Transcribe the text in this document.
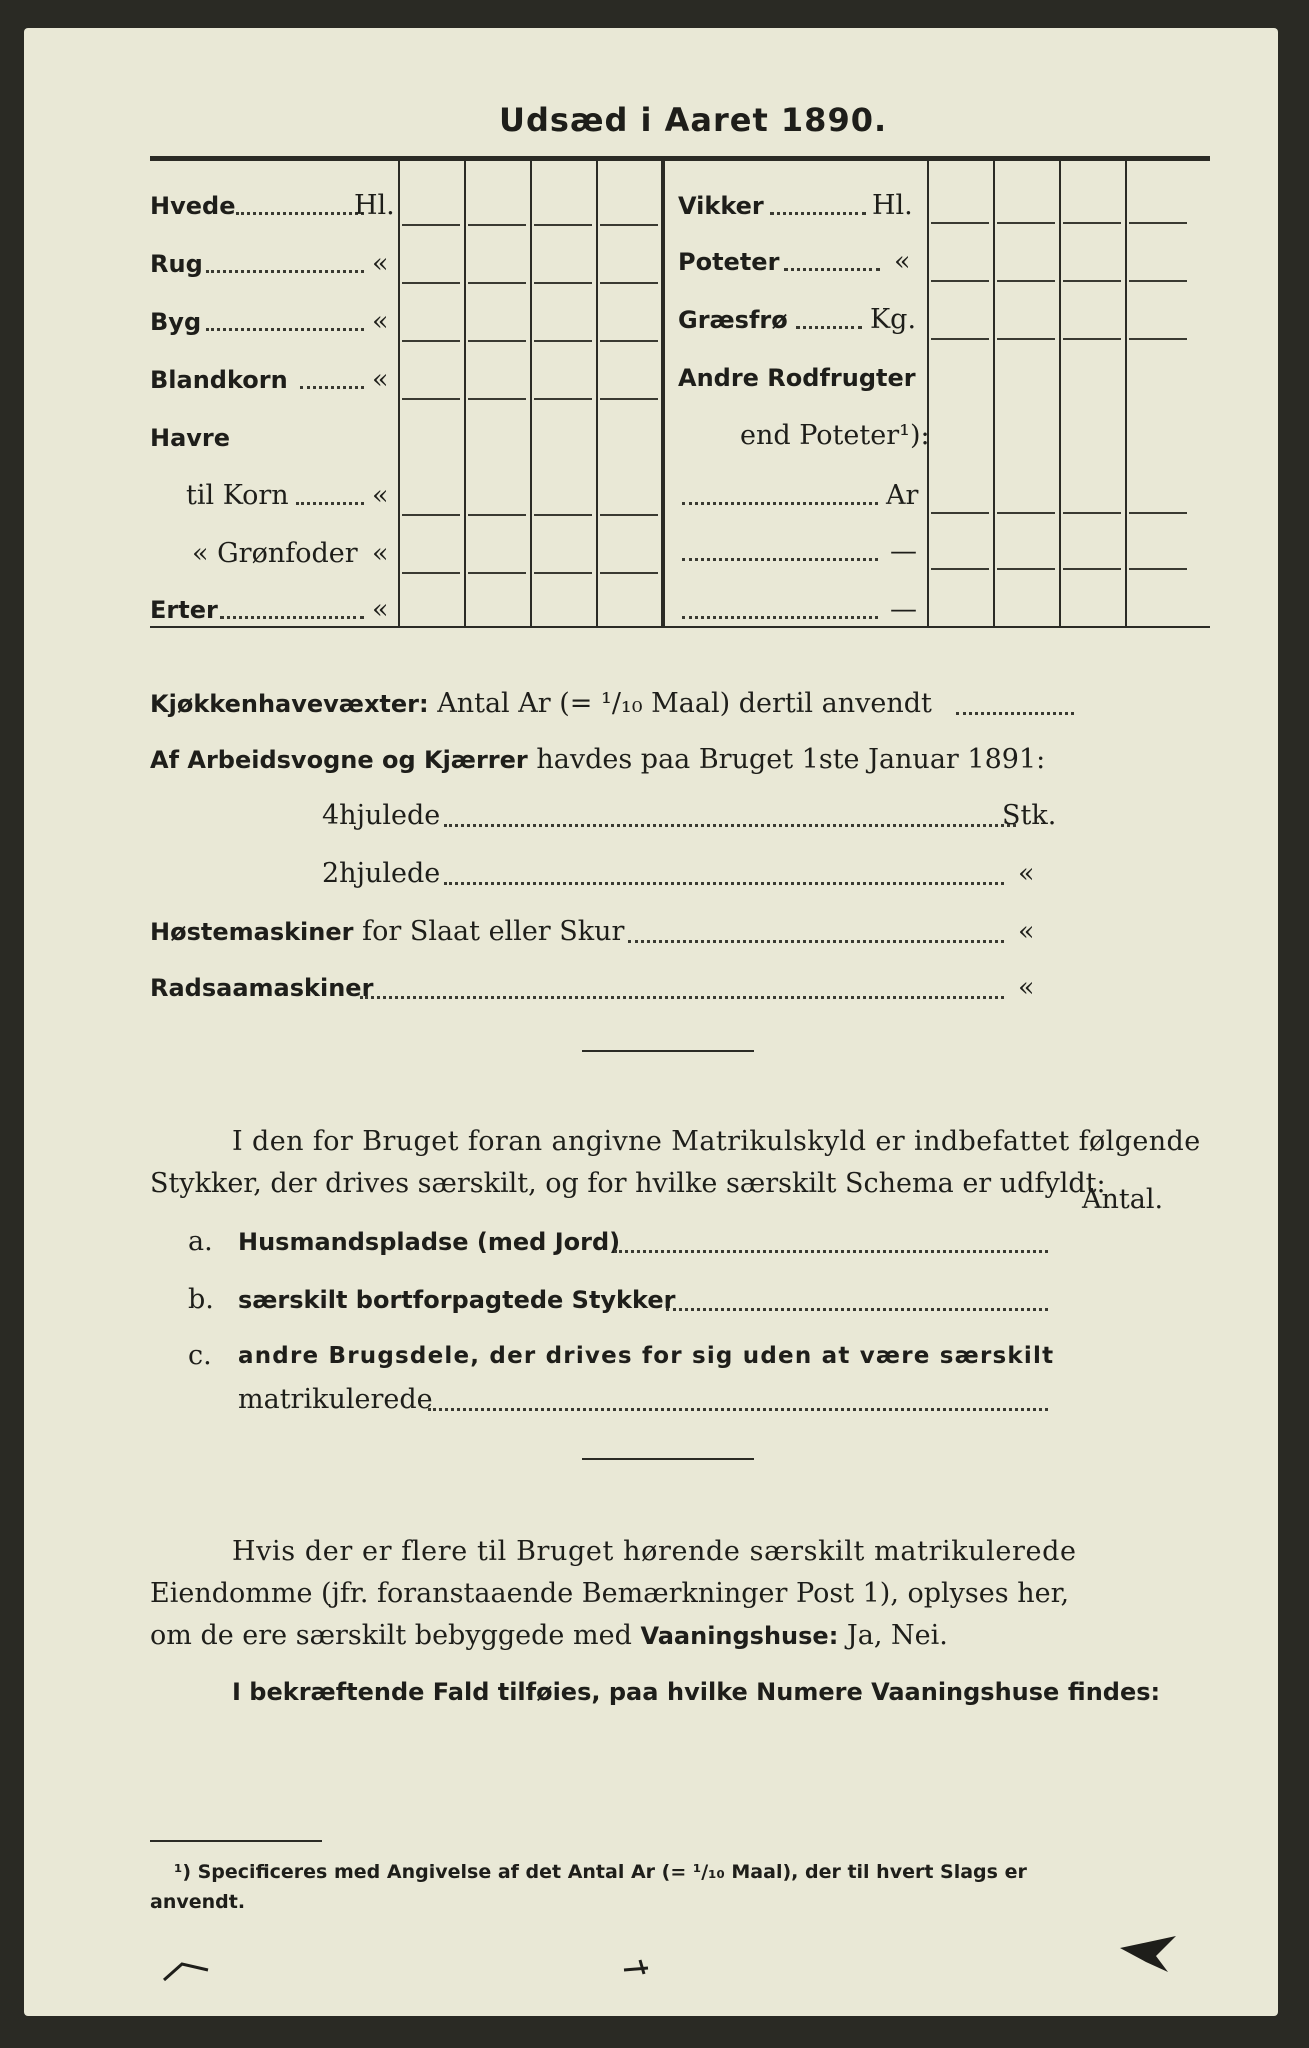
Udsæd i Aaret 1890.
Hvede	Hl.
Rug	«
Byg	«
Blandkorn	«
Havre
til Korn	«
« Grønfoder «
Erter	«
Vikker	Hl.
Poteter	«
Græsfrø	Kg.
Andre Rodfrugter
end Poteter¹):
Ar
—
—
Kjøkkenhavevæxter: Antal Ar (= ¹/₁₀ Maal) dertil anvendt
Af Arbeidsvogne og Kjærrer havdes paa Bruget 1ste Januar 1891:
4hjulede	Stk.
2hjulede	«
Høstemaskiner for Slaat eller Skur	«
Radsaamaskiner	«
I den for Bruget foran angivne Matrikulskyld er indbefattet følgende
Stykker, der drives særskilt, og for hvilke særskilt Schema er udfyldt:
Antal.
a. Husmandspladse (med Jord)
b. særskilt bortforpagtede Stykker
c. andre Brugsdele, der drives for sig uden at være særskilt
matrikulerede
Hvis der er flere til Bruget hørende særskilt matrikulerede
Eiendomme (jfr. foranstaaende Bemærkninger Post 1), oplyses her,
om de ere særskilt bebyggede med Vaaningshuse: Ja, Nei.
I bekræftende Fald tilføies, paa hvilke Numere Vaaningshuse findes:
¹) Specificeres med Angivelse af det Antal Ar (= ¹/₁₀ Maal), der til hvert Slags er
anvendt.
